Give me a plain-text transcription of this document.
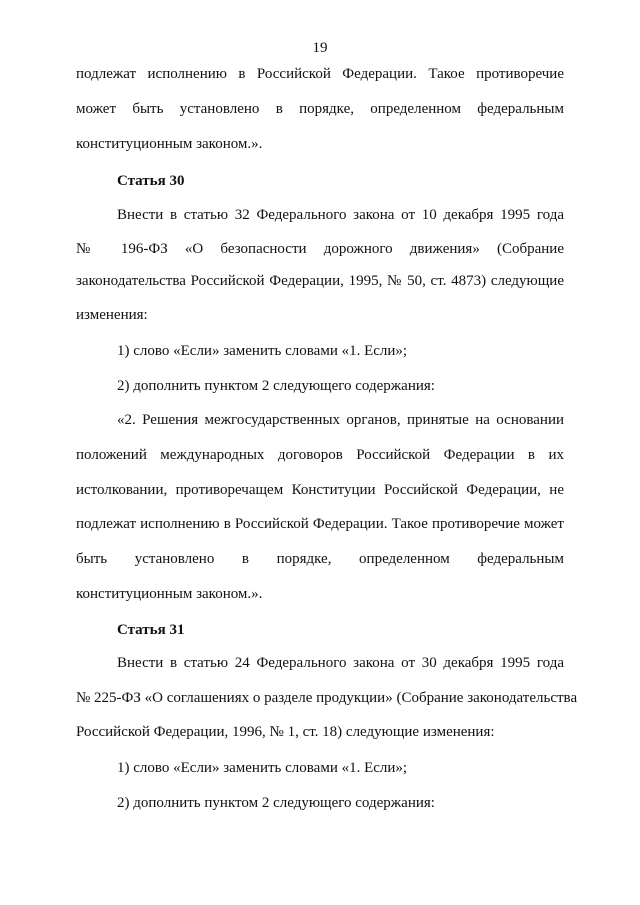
19
подлежат исполнению в Российской Федерации. Такое противоречие
может быть установлено в порядке, определенном федеральным
конституционным законом.».
Статья 30
Внести в статью 32 Федерального закона от 10 декабря 1995 года
№ 196-ФЗ «О безопасности дорожного движения» (Собрание
законодательства Российской Федерации, 1995, № 50, ст. 4873) следующие
изменения:
1) слово «Если» заменить словами «1. Если»;
2) дополнить пунктом 2 следующего содержания:
«2. Решения межгосударственных органов, принятые на основании
положений международных договоров Российской Федерации в их
истолковании, противоречащем Конституции Российской Федерации, не
подлежат исполнению в Российской Федерации. Такое противоречие может
быть установлено в порядке, определенном федеральным
конституционным законом.».
Статья 31
Внести в статью 24 Федерального закона от 30 декабря 1995 года
№ 225-ФЗ «О соглашениях о разделе продукции» (Собрание законодательства
Российской Федерации, 1996, № 1, ст. 18) следующие изменения:
1) слово «Если» заменить словами «1. Если»;
2) дополнить пунктом 2 следующего содержания:
